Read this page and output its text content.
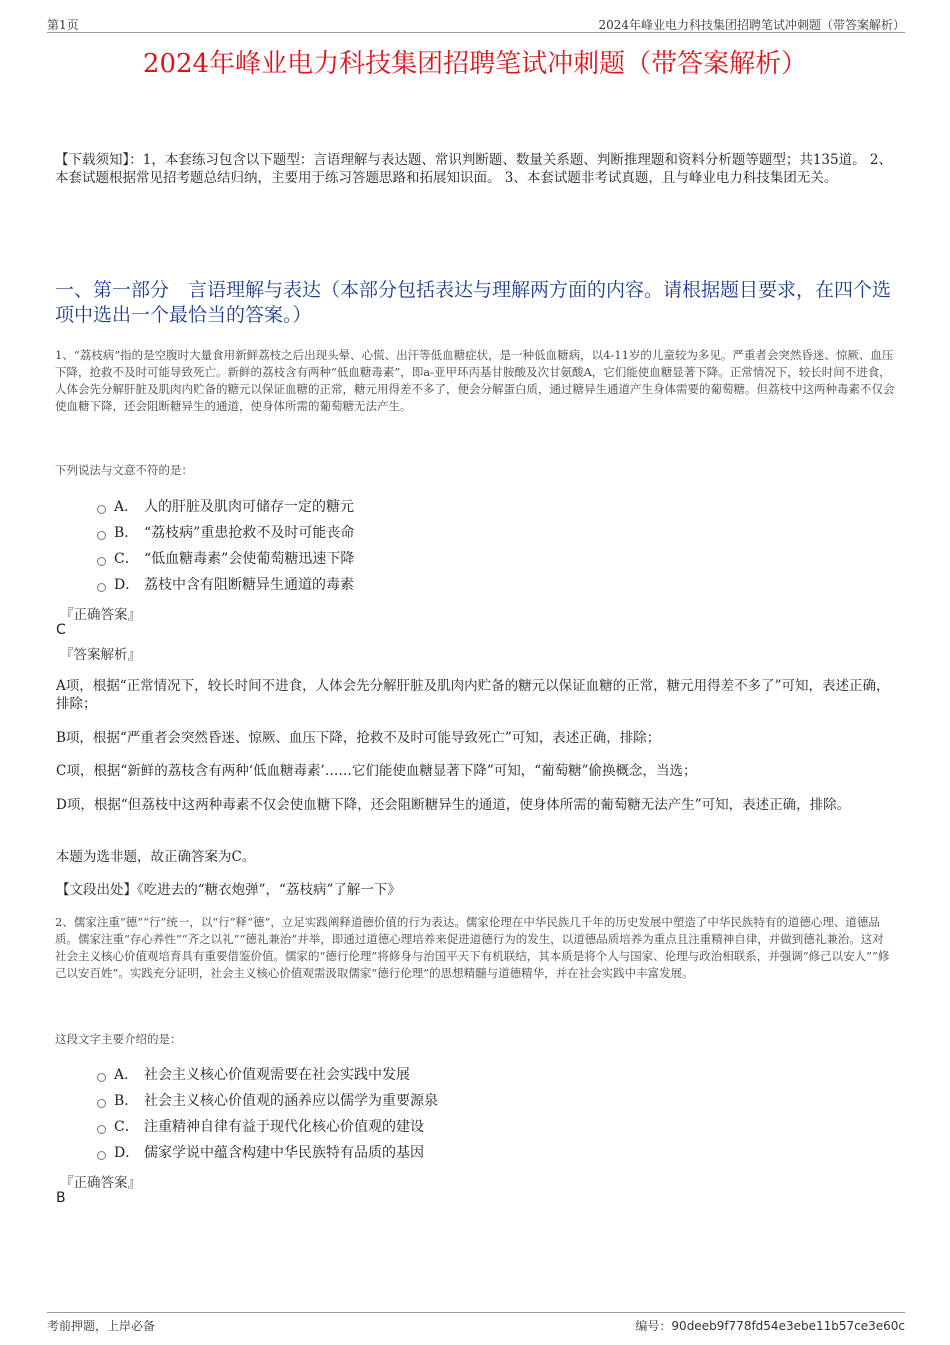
第1页	2024年峰业电力科技集团招聘笔试冲刺题（带答案解析）
2024年峰业电力科技集团招聘笔试冲刺题（带答案解析）
【下载须知】：1，本套练习包含以下题型：言语理解与表达题、常识判断题、数量关系题、判断推理题和资料分析题等题型；共135道。 2、本套试题根据常见招考题总结归纳，主要用于练习答题思路和拓展知识面。 3、本套试题非考试真题，且与峰业电力科技集团无关。
一、第一部分　言语理解与表达（本部分包括表达与理解两方面的内容。请根据题目要求，在四个选项中选出一个最恰当的答案。）
1、“荔枝病”指的是空腹时大量食用新鲜荔枝之后出现头晕、心慌、出汗等低血糖症状，是一种低血糖病，以4-11岁的儿童较为多见。严重者会突然昏迷、惊厥、血压下降，抢救不及时可能导致死亡。新鲜的荔枝含有两种“低血糖毒素”，即a-亚甲环丙基甘胺酸及次甘氨酸A，它们能使血糖显著下降。正常情况下，较长时间不进食，人体会先分解肝脏及肌肉内贮备的糖元以保证血糖的正常，糖元用得差不多了，便会分解蛋白质，通过糖异生通道产生身体需要的葡萄糖。但荔枝中这两种毒素不仅会使血糖下降，还会阻断糖异生的通道，使身体所需的葡萄糖无法产生。
下列说法与文意不符的是：
A． 人的肝脏及肌肉可储存一定的糖元
B． “荔枝病”重患抢救不及时可能丧命
C． “低血糖毒素”会使葡萄糖迅速下降
D． 荔枝中含有阻断糖异生通道的毒素
『正确答案』
C
『答案解析』
A项，根据“正常情况下，较长时间不进食，人体会先分解肝脏及肌肉内贮备的糖元以保证血糖的正常，糖元用得差不多了”可知，表述正确，排除；
B项，根据“严重者会突然昏迷、惊厥、血压下降，抢救不及时可能导致死亡”可知，表述正确，排除；
C项，根据“新鲜的荔枝含有两种‘低血糖毒素’……它们能使血糖显著下降”可知，“葡萄糖”偷换概念，当选；
D项，根据“但荔枝中这两种毒素不仅会使血糖下降，还会阻断糖异生的通道，使身体所需的葡萄糖无法产生”可知，表述正确，排除。
本题为选非题，故正确答案为C。
【文段出处】《吃进去的“糖衣炮弹”，“荔枝病”了解一下》
2、儒家注重“德”“行”统一，以“行”释“德”，立足实践阐释道德价值的行为表达。儒家伦理在中华民族几千年的历史发展中塑造了中华民族特有的道德心理、道德品质。儒家注重“存心养性”“齐之以礼”“德礼兼治”并举，即通过道德心理培养来促进道德行为的发生，以道德品质培养为重点且注重精神自律，并做到德礼兼治。这对社会主义核心价值观培育具有重要借鉴价值。儒家的“德行伦理”将修身与治国平天下有机联结，其本质是将个人与国家、伦理与政治相联系，并强调“修己以安人”“修己以安百姓”。实践充分证明，社会主义核心价值观需汲取儒家“德行伦理”的思想精髓与道德精华，并在社会实践中丰富发展。
这段文字主要介绍的是：
A． 社会主义核心价值观需要在社会实践中发展
B． 社会主义核心价值观的涵养应以儒学为重要源泉
C． 注重精神自律有益于现代化核心价值观的建设
D． 儒家学说中蕴含构建中华民族特有品质的基因
『正确答案』
B
考前押题，上岸必备	编号：90deeb9f778fd54e3ebe11b57ce3e60c
